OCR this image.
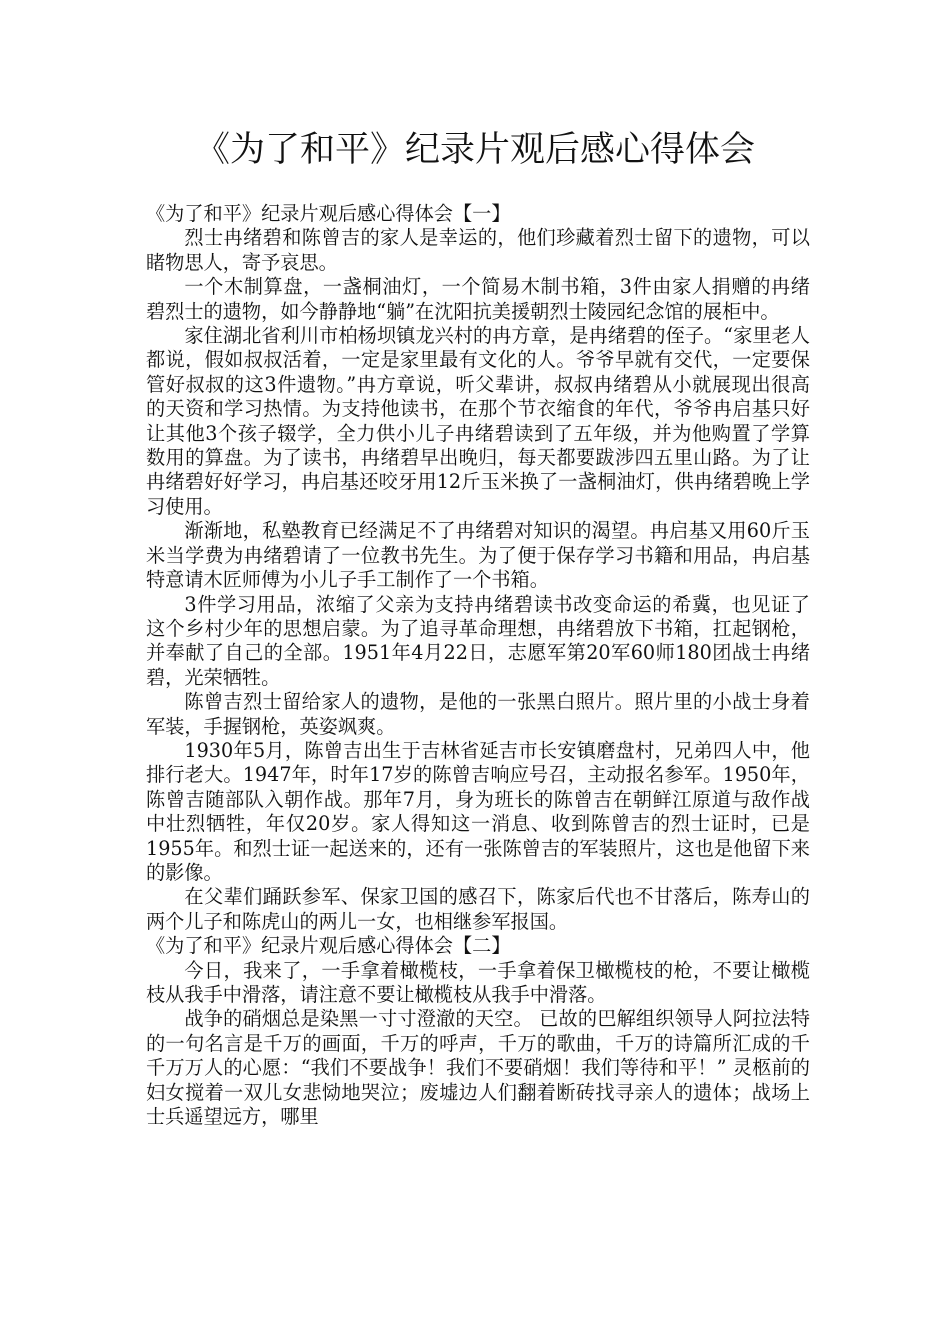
《为了和平》纪录片观后感心得体会

《为了和平》纪录片观后感心得体会【一】

烈士冉绪碧和陈曾吉的家人是幸运的，他们珍藏着烈士留下的遗物，可以睹物思人，寄予哀思。

一个木制算盘，一盏桐油灯，一个简易木制书箱，3件由家人捐赠的冉绪碧烈士的遗物，如今静静地“躺”在沈阳抗美援朝烈士陵园纪念馆的展柜中。

家住湖北省利川市柏杨坝镇龙兴村的冉方章，是冉绪碧的侄子。“家里老人都说，假如叔叔活着，一定是家里最有文化的人。爷爷早就有交代，一定要保管好叔叔的这3件遗物。”冉方章说，听父辈讲，叔叔冉绪碧从小就展现出很高的天资和学习热情。为支持他读书，在那个节衣缩食的年代，爷爷冉启基只好让其他3个孩子辍学，全力供小儿子冉绪碧读到了五年级，并为他购置了学算数用的算盘。为了读书，冉绪碧早出晚归，每天都要跋涉四五里山路。为了让冉绪碧好好学习，冉启基还咬牙用12斤玉米换了一盏桐油灯，供冉绪碧晚上学习使用。

渐渐地，私塾教育已经满足不了冉绪碧对知识的渴望。冉启基又用60斤玉米当学费为冉绪碧请了一位教书先生。为了便于保存学习书籍和用品，冉启基特意请木匠师傅为小儿子手工制作了一个书箱。

3件学习用品，浓缩了父亲为支持冉绪碧读书改变命运的希冀，也见证了这个乡村少年的思想启蒙。为了追寻革命理想，冉绪碧放下书箱，扛起钢枪，并奉献了自己的全部。1951年4月22日，志愿军第20军60师180团战士冉绪碧，光荣牺牲。

陈曾吉烈士留给家人的遗物，是他的一张黑白照片。照片里的小战士身着军装，手握钢枪，英姿飒爽。

1930年5月，陈曾吉出生于吉林省延吉市长安镇磨盘村，兄弟四人中，他排行老大。1947年，时年17岁的陈曾吉响应号召，主动报名参军。1950年，陈曾吉随部队入朝作战。那年7月，身为班长的陈曾吉在朝鲜江原道与敌作战中壮烈牺牲，年仅20岁。家人得知这一消息、收到陈曾吉的烈士证时，已是1955年。和烈士证一起送来的，还有一张陈曾吉的军装照片，这也是他留下来的影像。

在父辈们踊跃参军、保家卫国的感召下，陈家后代也不甘落后，陈寿山的两个儿子和陈虎山的两儿一女，也相继参军报国。

《为了和平》纪录片观后感心得体会【二】

今日，我来了，一手拿着橄榄枝，一手拿着保卫橄榄枝的枪，不要让橄榄枝从我手中滑落，请注意不要让橄榄枝从我手中滑落。

战争的硝烟总是染黑一寸寸澄澈的天空。 已故的巴解组织领导人阿拉法特的一句名言是千万的画面，千万的呼声，千万的歌曲，千万的诗篇所汇成的千千万万人的心愿：“我们不要战争！我们不要硝烟！我们等待和平！” 灵柩前的妇女搅着一双儿女悲恸地哭泣；废墟边人们翻着断砖找寻亲人的遗体；战场上士兵遥望远方，哪里
